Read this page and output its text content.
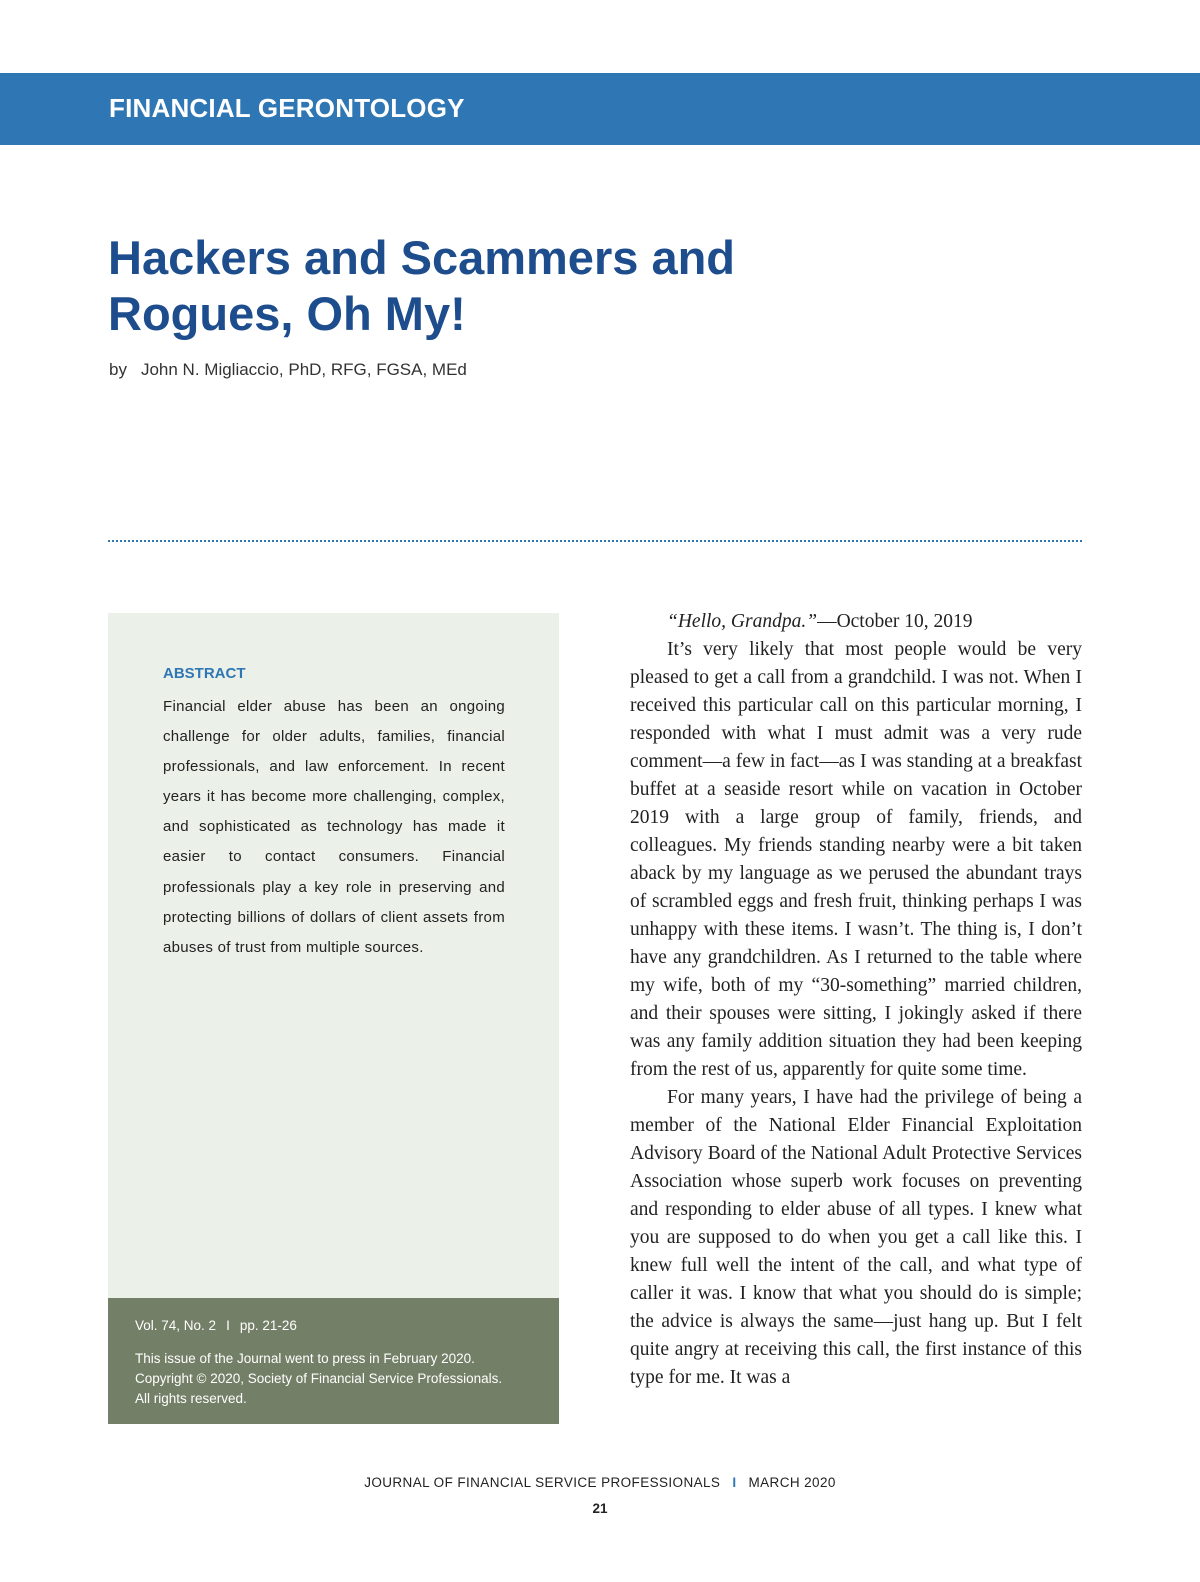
FINANCIAL GERONTOLOGY
Hackers and Scammers and
Rogues, Oh My!
by John N. Migliaccio, PhD, RFG, FGSA, MEd
ABSTRACT

Financial elder abuse has been an ongoing challenge for older adults, families, financial professionals, and law enforcement. In recent years it has become more challenging, complex, and sophisticated as technology has made it easier to contact consumers. Financial professionals play a key role in preserving and protecting billions of dollars of client assets from abuses of trust from multiple sources.

Vol. 74, No. 2 I pp. 21-26

This issue of the Journal went to press in February 2020.
Copyright © 2020, Society of Financial Service Professionals.
All rights reserved.

“Hello, Grandpa.”—October 10, 2019

It’s very likely that most people would be very pleased to get a call from a grandchild. I was not. When I received this particular call on this particular morning, I responded with what I must admit was a very rude comment—a few in fact—as I was standing at a breakfast buffet at a seaside resort while on vacation in October 2019 with a large group of family, friends, and colleagues. My friends standing nearby were a bit taken aback by my language as we perused the abundant trays of scrambled eggs and fresh fruit, thinking perhaps I was unhappy with these items. I wasn’t. The thing is, I don’t have any grandchildren. As I returned to the table where my wife, both of my “30-something” married children, and their spouses were sitting, I jokingly asked if there was any family addition situation they had been keeping from the rest of us, apparently for quite some time.

For many years, I have had the privilege of being a member of the National Elder Financial Exploitation Advisory Board of the National Adult Protective Services Association whose superb work focuses on preventing and responding to elder abuse of all types. I knew what you are supposed to do when you get a call like this. I knew full well the intent of the call, and what type of caller it was. I know that what you should do is simple; the advice is always the same—just hang up. But I felt quite angry at receiving this call, the first instance of this type for me. It was a

JOURNAL OF FINANCIAL SERVICE PROFESSIONALS I MARCH 2020
21
